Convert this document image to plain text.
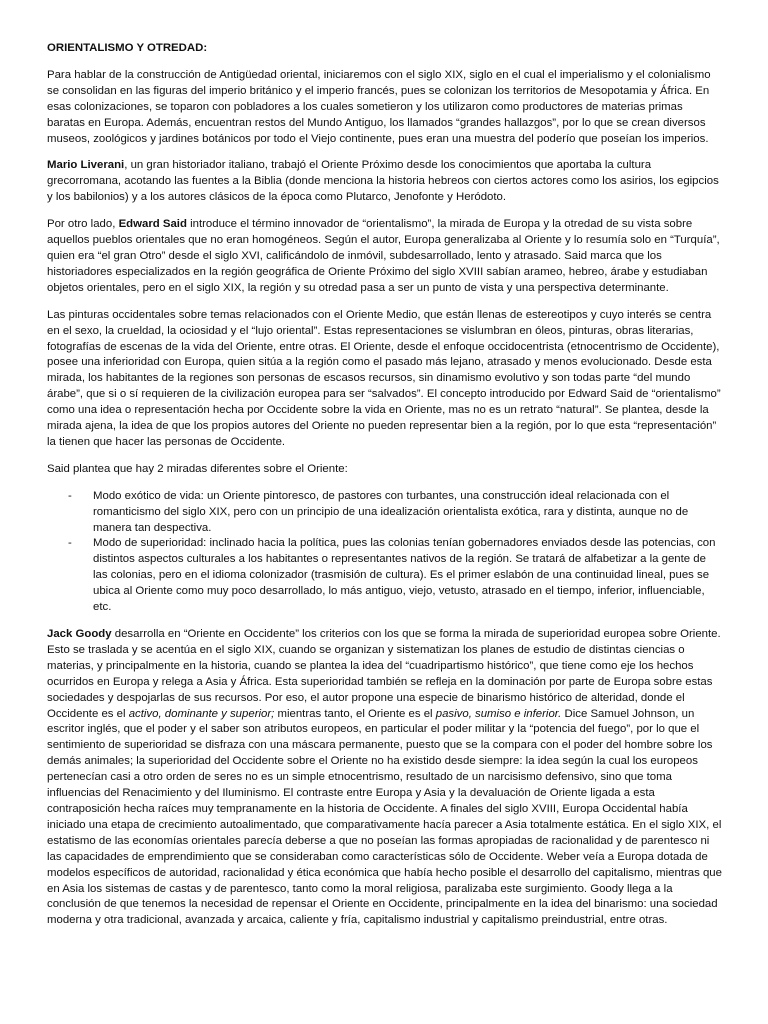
ORIENTALISMO Y OTREDAD:

Para hablar de la construcción de Antigüedad oriental, iniciaremos con el siglo XIX, siglo en el cual el imperialismo y el colonialismo se consolidan en las figuras del imperio británico y el imperio francés, pues se colonizan los territorios de Mesopotamia y África. En esas colonizaciones, se toparon con pobladores a los cuales sometieron y los utilizaron como productores de materias primas baratas en Europa. Además, encuentran restos del Mundo Antiguo, los llamados “grandes hallazgos”, por lo que se crean diversos museos, zoológicos y jardines botánicos por todo el Viejo continente, pues eran una muestra del poderío que poseían los imperios.

Mario Liverani, un gran historiador italiano, trabajó el Oriente Próximo desde los conocimientos que aportaba la cultura grecorromana, acotando las fuentes a la Biblia (donde menciona la historia hebreos con ciertos actores como los asirios, los egipcios y los babilonios) y a los autores clásicos de la época como Plutarco, Jenofonte y Heródoto.

Por otro lado, Edward Said introduce el término innovador de “orientalismo”, la mirada de Europa y la otredad de su vista sobre aquellos pueblos orientales que no eran homogéneos. Según el autor, Europa generalizaba al Oriente y lo resumía solo en “Turquía”, quien era “el gran Otro” desde el siglo XVI, calificándolo de inmóvil, subdesarrollado, lento y atrasado. Said marca que los historiadores especializados en la región geográfica de Oriente Próximo del siglo XVIII sabían arameo, hebreo, árabe y estudiaban objetos orientales, pero en el siglo XIX, la región y su otredad pasa a ser un punto de vista y una perspectiva determinante.

Las pinturas occidentales sobre temas relacionados con el Oriente Medio, que están llenas de estereotipos y cuyo interés se centra en el sexo, la crueldad, la ociosidad y el “lujo oriental”. Estas representaciones se vislumbran en óleos, pinturas, obras literarias, fotografías de escenas de la vida del Oriente, entre otras. El Oriente, desde el enfoque occidocentrista (etnocentrismo de Occidente), posee una inferioridad con Europa, quien sitúa a la región como el pasado más lejano, atrasado y menos evolucionado. Desde esta mirada, los habitantes de la regiones son personas de escasos recursos, sin dinamismo evolutivo y son todas parte “del mundo árabe”, que si o sí requieren de la civilización europea para ser “salvados”. El concepto introducido por Edward Said de “orientalismo” como una idea o representación hecha por Occidente sobre la vida en Oriente, mas no es un retrato “natural”. Se plantea, desde la mirada ajena, la idea de que los propios autores del Oriente no pueden representar bien a la región, por lo que esta “representación” la tienen que hacer las personas de Occidente.

Said plantea que hay 2 miradas diferentes sobre el Oriente:

- Modo exótico de vida: un Oriente pintoresco, de pastores con turbantes, una construcción ideal relacionada con el romanticismo del siglo XIX, pero con un principio de una idealización orientalista exótica, rara y distinta, aunque no de manera tan despectiva.
- Modo de superioridad: inclinado hacia la política, pues las colonias tenían gobernadores enviados desde las potencias, con distintos aspectos culturales a los habitantes o representantes nativos de la región. Se tratará de alfabetizar a la gente de las colonias, pero en el idioma colonizador (trasmisión de cultura). Es el primer eslabón de una continuidad lineal, pues se ubica al Oriente como muy poco desarrollado, lo más antiguo, viejo, vetusto, atrasado en el tiempo, inferior, influenciable, etc.

Jack Goody desarrolla en “Oriente en Occidente” los criterios con los que se forma la mirada de superioridad europea sobre Oriente. Esto se traslada y se acentúa en el siglo XIX, cuando se organizan y sistematizan los planes de estudio de distintas ciencias o materias, y principalmente en la historia, cuando se plantea la idea del “cuadripartismo histórico”, que tiene como eje los hechos ocurridos en Europa y relega a Asia y África. Esta superioridad también se refleja en la dominación por parte de Europa sobre estas sociedades y despojarlas de sus recursos. Por eso, el autor propone una especie de binarismo histórico de alteridad, donde el Occidente es el activo, dominante y superior; mientras tanto, el Oriente es el pasivo, sumiso e inferior. Dice Samuel Johnson, un escritor inglés, que el poder y el saber son atributos europeos, en particular el poder militar y la “potencia del fuego”, por lo que el sentimiento de superioridad se disfraza con una máscara permanente, puesto que se la compara con el poder del hombre sobre los demás animales; la superioridad del Occidente sobre el Oriente no ha existido desde siempre: la idea según la cual los europeos pertenecían casi a otro orden de seres no es un simple etnocentrismo, resultado de un narcisismo defensivo, sino que toma influencias del Renacimiento y del Iluminismo. El contraste entre Europa y Asia y la devaluación de Oriente ligada a esta contraposición hecha raíces muy tempranamente en la historia de Occidente. A finales del siglo XVIII, Europa Occidental había iniciado una etapa de crecimiento autoalimentado, que comparativamente hacía parecer a Asia totalmente estática. En el siglo XIX, el estatismo de las economías orientales parecía deberse a que no poseían las formas apropiadas de racionalidad y de parentesco ni las capacidades de emprendimiento que se consideraban como características sólo de Occidente. Weber veía a Europa dotada de modelos específicos de autoridad, racionalidad y ética económica que había hecho posible el desarrollo del capitalismo, mientras que en Asia los sistemas de castas y de parentesco, tanto como la moral religiosa, paralizaba este surgimiento. Goody llega a la conclusión de que tenemos la necesidad de repensar el Oriente en Occidente, principalmente en la idea del binarismo: una sociedad moderna y otra tradicional, avanzada y arcaica, caliente y fría, capitalismo industrial y capitalismo preindustrial, entre otras.
